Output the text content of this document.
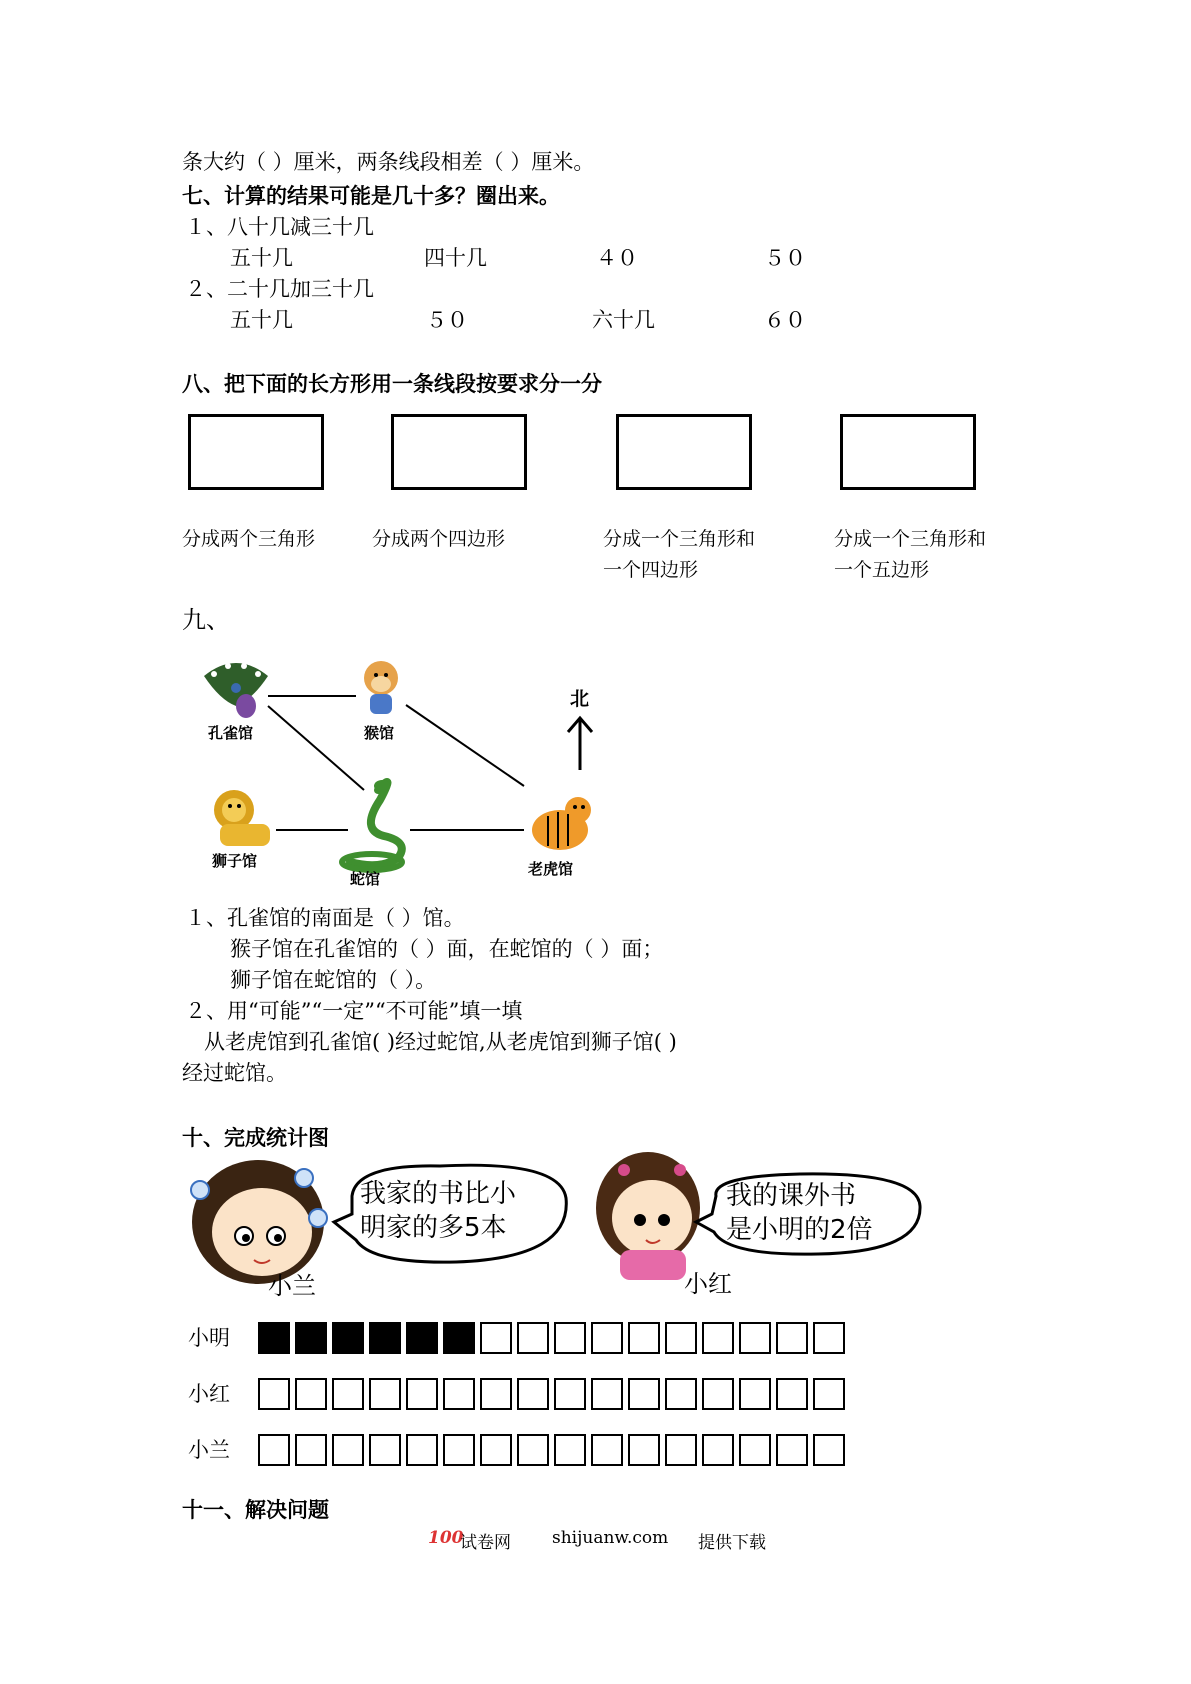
条大约（ ）厘米，两条线段相差（ ）厘米。
七、计算的结果可能是几十多？圈出来。
１、八十几减三十几
五十几	四十几	４０	５０
２、二十几加三十几
五十几	５０	六十几	６０
八、把下面的长方形用一条线段按要求分一分
分成两个三角形	分成两个四边形	分成一个三角形和
一个四边形
分成一个三角形和
一个五边形
九、
北
孔雀馆	猴馆
狮子馆
蛇馆
老虎馆
１、孔雀馆的南面是（ ）馆。
猴子馆在孔雀馆的（ ）面，在蛇馆的（ ）面；
狮子馆在蛇馆的（ ）。
２、用“可能”“一定”“不可能”填一填
从老虎馆到孔雀馆( )经过蛇馆,从老虎馆到狮子馆( )
经过蛇馆。
十、完成统计图
我家的书比小
明家的多5本
小兰
我的课外书
是小明的2倍
小红
小明
小红
小兰
十一、解决问题
100
试卷网 shijuanw.com 提供下载
